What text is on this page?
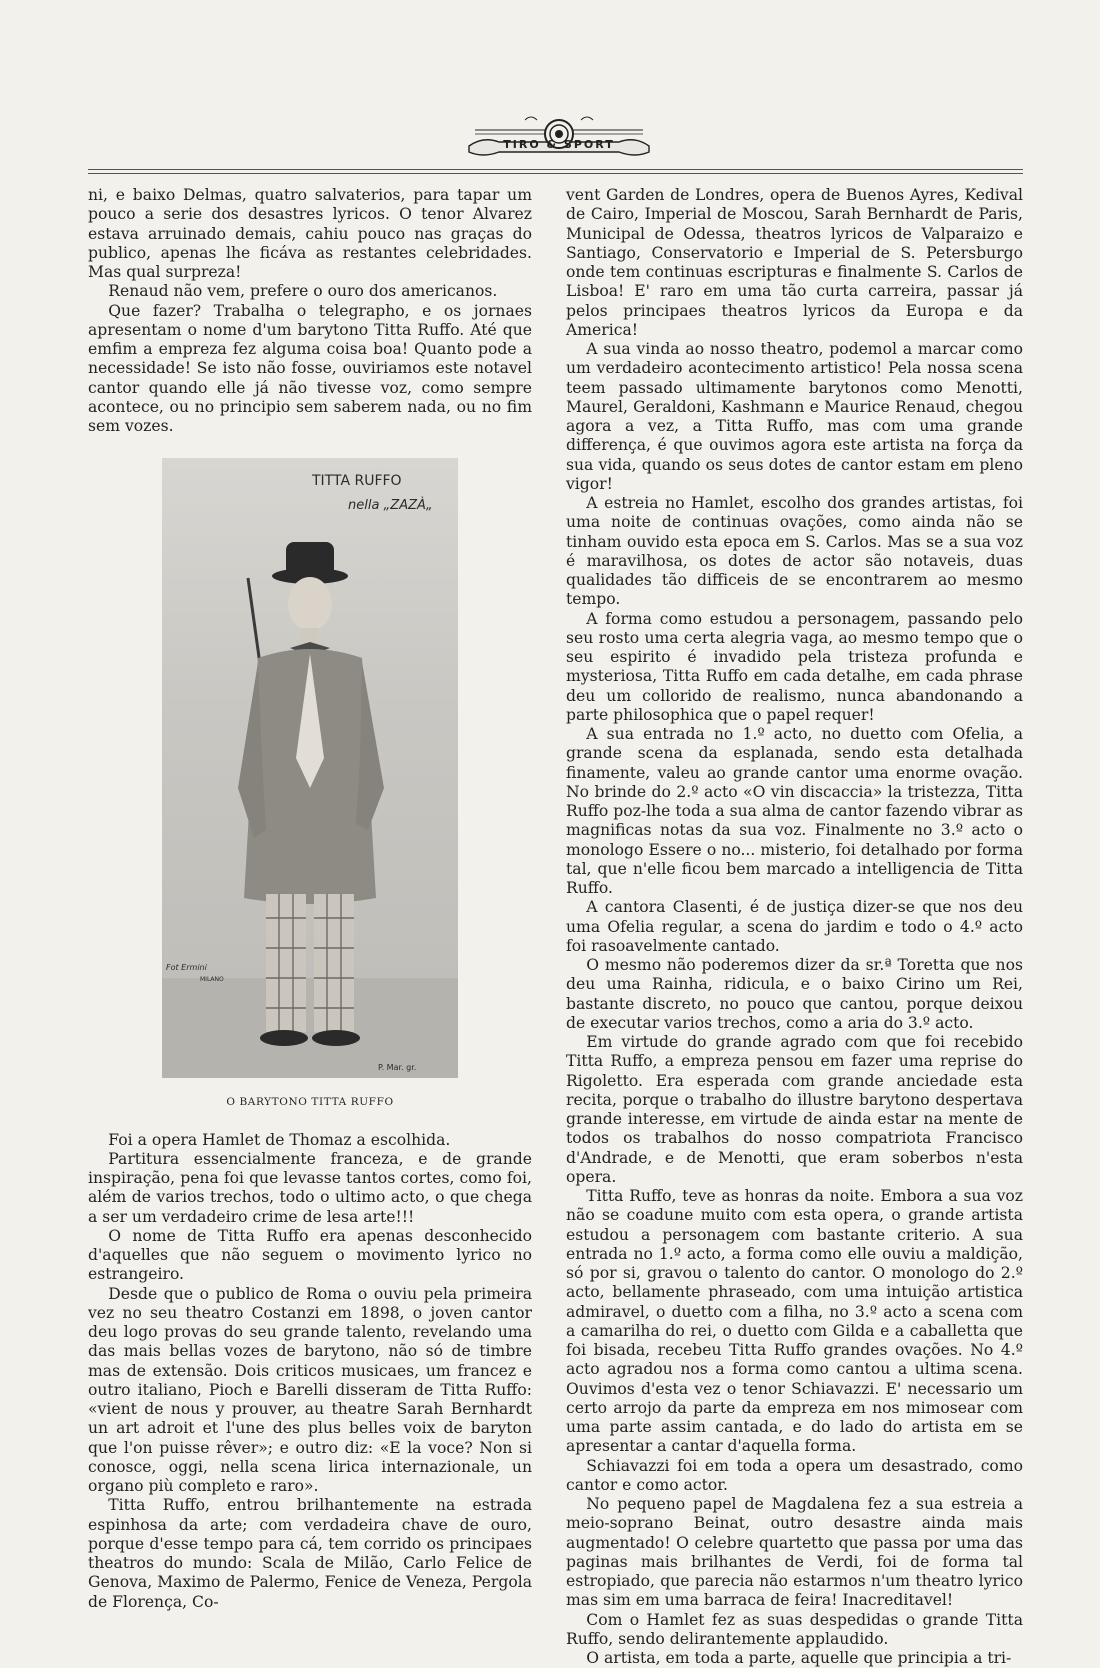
TIRO & SPORT

ni, e baixo Delmas, quatro salvaterios, para tapar um pouco a serie dos desastres lyricos. O tenor Alvarez estava arruinado demais, cahiu pouco nas graças do publico, apenas lhe ficáva as restantes celebridades. Mas qual surpreza!

Renaud não vem, prefere o ouro dos americanos.

Que fazer? Trabalha o telegrapho, e os jornaes apresentam o nome d'um barytono Titta Ruffo. Até que emfim a empreza fez alguma coisa boa! Quanto pode a necessidade! Se isto não fosse, ouviriamos este notavel cantor quando elle já não tivesse voz, como sempre acontece, ou no principio sem saberem nada, ou no fim sem vozes.

TITTA RUFFO
nella „ZAZÀ„
Fot Ermini
MILANO
P. Mar. gr.
O BARYTONO TITTA RUFFO

Foi a opera Hamlet de Thomaz a escolhida.

Partitura essencialmente franceza, e de grande inspiração, pena foi que levasse tantos cortes, como foi, além de varios trechos, todo o ultimo acto, o que chega a ser um verdadeiro crime de lesa arte!!!

O nome de Titta Ruffo era apenas desconhecido d'aquelles que não seguem o movimento lyrico no estrangeiro.

Desde que o publico de Roma o ouviu pela primeira vez no seu theatro Costanzi em 1898, o joven cantor deu logo provas do seu grande talento, revelando uma das mais bellas vozes de barytono, não só de timbre mas de extensão. Dois criticos musicaes, um francez e outro italiano, Pioch e Barelli disseram de Titta Ruffo: «vient de nous y prouver, au theatre Sarah Bernhardt un art adroit et l'une des plus belles voix de baryton que l'on puisse rêver»; e outro diz: «E la voce? Non si conosce, oggi, nella scena lirica internazionale, un organo più completo e raro».

Titta Ruffo, entrou brilhantemente na estrada espinhosa da arte; com verdadeira chave de ouro, porque d'esse tempo para cá, tem corrido os principaes theatros do mundo: Scala de Milão, Carlo Felice de Genova, Maximo de Palermo, Fenice de Veneza, Pergola de Florença, Co-

vent Garden de Londres, opera de Buenos Ayres, Kedival de Cairo, Imperial de Moscou, Sarah Bernhardt de Paris, Municipal de Odessa, theatros lyricos de Valparaizo e Santiago, Conservatorio e Imperial de S. Petersburgo onde tem continuas escripturas e finalmente S. Carlos de Lisboa! E' raro em uma tão curta carreira, passar já pelos principaes theatros lyricos da Europa e da America!

A sua vinda ao nosso theatro, podemol a marcar como um verdadeiro acontecimento artistico! Pela nossa scena teem passado ultimamente barytonos como Menotti, Maurel, Geraldoni, Kashmann e Maurice Renaud, chegou agora a vez, a Titta Ruffo, mas com uma grande differença, é que ouvimos agora este artista na força da sua vida, quando os seus dotes de cantor estam em pleno vigor!

A estreia no Hamlet, escolho dos grandes artistas, foi uma noite de continuas ovações, como ainda não se tinham ouvido esta epoca em S. Carlos. Mas se a sua voz é maravilhosa, os dotes de actor são notaveis, duas qualidades tão difficeis de se encontrarem ao mesmo tempo.

A forma como estudou a personagem, passando pelo seu rosto uma certa alegria vaga, ao mesmo tempo que o seu espirito é invadido pela tristeza profunda e mysteriosa, Titta Ruffo em cada detalhe, em cada phrase deu um collorido de realismo, nunca abandonando a parte philosophica que o papel requer!

A sua entrada no 1.º acto, no duetto com Ofelia, a grande scena da esplanada, sendo esta detalhada finamente, valeu ao grande cantor uma enorme ovação. No brinde do 2.º acto «O vin discaccia» la tristezza, Titta Ruffo poz-lhe toda a sua alma de cantor fazendo vibrar as magnificas notas da sua voz. Finalmente no 3.º acto o monologo Essere o no... misterio, foi detalhado por forma tal, que n'elle ficou bem marcado a intelligencia de Titta Ruffo.

A cantora Clasenti, é de justiça dizer-se que nos deu uma Ofelia regular, a scena do jardim e todo o 4.º acto foi rasoavelmente cantado.

O mesmo não poderemos dizer da sr.ª Toretta que nos deu uma Rainha, ridicula, e o baixo Cirino um Rei, bastante discreto, no pouco que cantou, porque deixou de executar varios trechos, como a aria do 3.º acto.

Em virtude do grande agrado com que foi recebido Titta Ruffo, a empreza pensou em fazer uma reprise do Rigoletto. Era esperada com grande anciedade esta recita, porque o trabalho do illustre barytono despertava grande interesse, em virtude de ainda estar na mente de todos os trabalhos do nosso compatriota Francisco d'Andrade, e de Menotti, que eram soberbos n'esta opera.

Titta Ruffo, teve as honras da noite. Embora a sua voz não se coadune muito com esta opera, o grande artista estudou a personagem com bastante criterio. A sua entrada no 1.º acto, a forma como elle ouviu a maldição, só por si, gravou o talento do cantor. O monologo do 2.º acto, bellamente phraseado, com uma intuição artistica admiravel, o duetto com a filha, no 3.º acto a scena com a camarilha do rei, o duetto com Gilda e a caballetta que foi bisada, recebeu Titta Ruffo grandes ovações. No 4.º acto agradou nos a forma como cantou a ultima scena. Ouvimos d'esta vez o tenor Schiavazzi. E' necessario um certo arrojo da parte da empreza em nos mimosear com uma parte assim cantada, e do lado do artista em se apresentar a cantar d'aquella forma.

Schiavazzi foi em toda a opera um desastrado, como cantor e como actor.

No pequeno papel de Magdalena fez a sua estreia a meio-soprano Beinat, outro desastre ainda mais augmentado! O celebre quartetto que passa por uma das paginas mais brilhantes de Verdi, foi de forma tal estropiado, que parecia não estarmos n'um theatro lyrico mas sim em uma barraca de feira! Inacreditavel!

Com o Hamlet fez as suas despedidas o grande Titta Ruffo, sendo delirantemente applaudido.

O artista, em toda a parte, aquelle que principia a tri-
